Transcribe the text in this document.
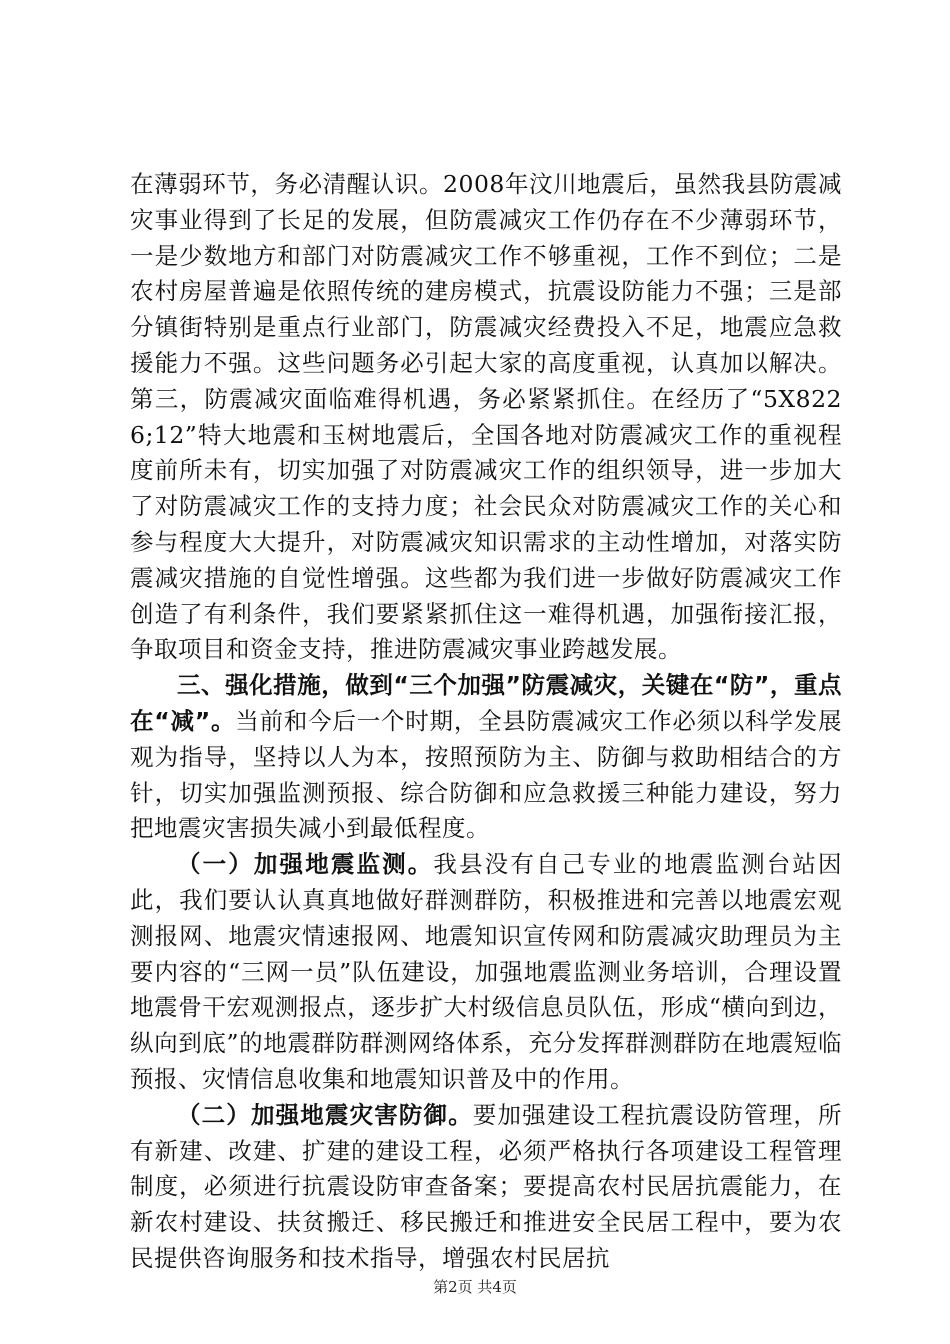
在薄弱环节，务必清醒认识。2008年汶川地震后，虽然我县防震减灾事业得到了长足的发展，但防震减灾工作仍存在不少薄弱环节，一是少数地方和部门对防震减灾工作不够重视，工作不到位；二是农村房屋普遍是依照传统的建房模式，抗震设防能力不强；三是部分镇街特别是重点行业部门，防震减灾经费投入不足，地震应急救援能力不强。这些问题务必引起大家的高度重视，认真加以解决。第三，防震减灾面临难得机遇，务必紧紧抓住。在经历了“5X8226;12”特大地震和玉树地震后，全国各地对防震减灾工作的重视程度前所未有，切实加强了对防震减灾工作的组织领导，进一步加大了对防震减灾工作的支持力度；社会民众对防震减灾工作的关心和参与程度大大提升，对防震减灾知识需求的主动性增加，对落实防震减灾措施的自觉性增强。这些都为我们进一步做好防震减灾工作创造了有利条件，我们要紧紧抓住这一难得机遇，加强衔接汇报，争取项目和资金支持，推进防震减灾事业跨越发展。

三、强化措施，做到“三个加强”防震减灾，关键在“防”，重点在“减”。当前和今后一个时期，全县防震减灾工作必须以科学发展观为指导，坚持以人为本，按照预防为主、防御与救助相结合的方针，切实加强监测预报、综合防御和应急救援三种能力建设，努力把地震灾害损失减小到最低程度。

（一）加强地震监测。我县没有自己专业的地震监测台站因此，我们要认认真真地做好群测群防，积极推进和完善以地震宏观测报网、地震灾情速报网、地震知识宣传网和防震减灾助理员为主要内容的“三网一员”队伍建设，加强地震监测业务培训，合理设置地震骨干宏观测报点，逐步扩大村级信息员队伍，形成“横向到边，纵向到底”的地震群防群测网络体系，充分发挥群测群防在地震短临预报、灾情信息收集和地震知识普及中的作用。

（二）加强地震灾害防御。要加强建设工程抗震设防管理，所有新建、改建、扩建的建设工程，必须严格执行各项建设工程管理制度，必须进行抗震设防审查备案；要提高农村民居抗震能力，在新农村建设、扶贫搬迁、移民搬迁和推进安全民居工程中，要为农民提供咨询服务和技术指导，增强农村民居抗

第2页 共4页
